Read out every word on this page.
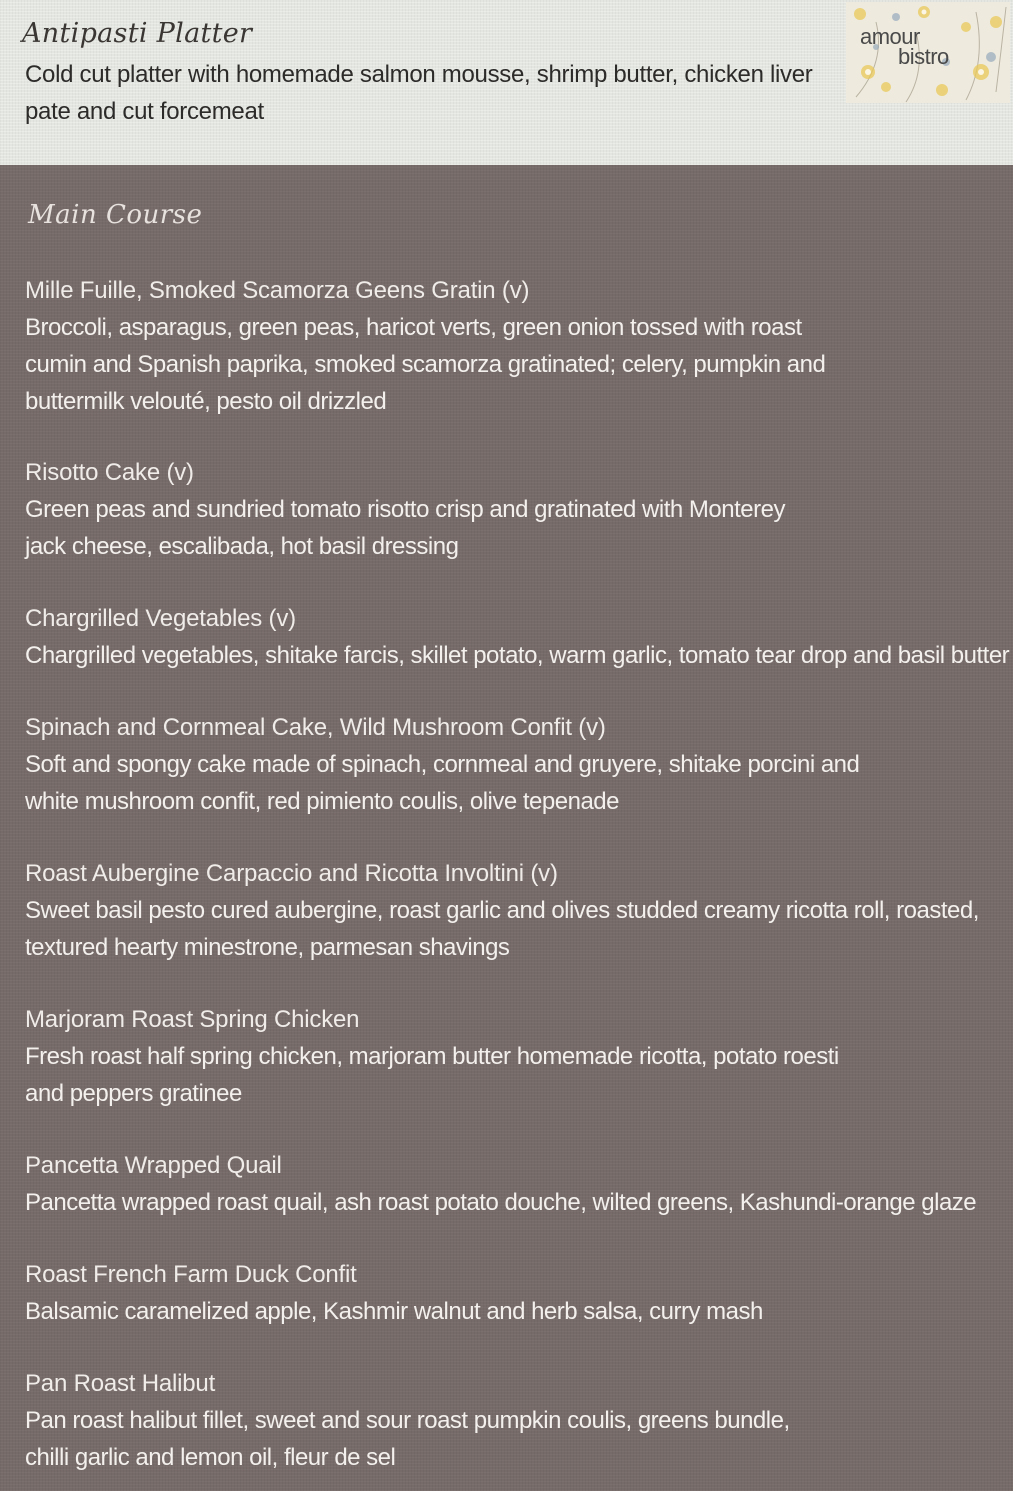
Antipasti Platter
Cold cut platter with homemade salmon mousse, shrimp butter, chicken liver
pate and cut forcemeat
amour
bistro
Main Course
Mille Fuille, Smoked Scamorza Geens Gratin (v)
Broccoli, asparagus, green peas, haricot verts, green onion tossed with roast
cumin and Spanish paprika, smoked scamorza gratinated; celery, pumpkin and
buttermilk velouté, pesto oil drizzled
Risotto Cake (v)
Green peas and sundried tomato risotto crisp and gratinated with Monterey
jack cheese, escalibada, hot basil dressing
Chargrilled Vegetables (v)
Chargrilled vegetables, shitake farcis, skillet potato, warm garlic, tomato tear drop and basil butter
Spinach and Cornmeal Cake, Wild Mushroom Confit (v)
Soft and spongy cake made of spinach, cornmeal and gruyere, shitake porcini and
white mushroom confit, red pimiento coulis, olive tepenade
Roast Aubergine Carpaccio and Ricotta Involtini (v)
Sweet basil pesto cured aubergine, roast garlic and olives studded creamy ricotta roll, roasted,
textured hearty minestrone, parmesan shavings
Marjoram Roast Spring Chicken
Fresh roast half spring chicken, marjoram butter homemade ricotta, potato roesti
and peppers gratinee
Pancetta Wrapped Quail
Pancetta wrapped roast quail, ash roast potato douche, wilted greens, Kashundi-orange glaze
Roast French Farm Duck Confit
Balsamic caramelized apple, Kashmir walnut and herb salsa, curry mash
Pan Roast Halibut
Pan roast halibut fillet, sweet and sour roast pumpkin coulis, greens bundle,
chilli garlic and lemon oil, fleur de sel
